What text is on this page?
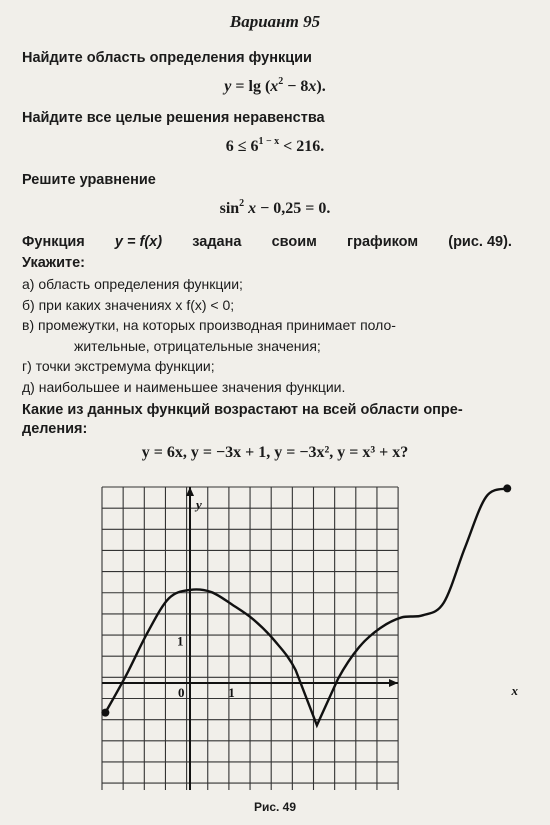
Вариант 95
Найдите область определения функции
$y = \lg (x^2 - 8x)$.
Найдите все целые решения неравенства
$6 \le 6^{1 - x} < 216$.
Решите уравнение
$\sin^2 x - 0,25 = 0$.
Функция y = f(x) задана своим графиком (рис. 49).
Укажите:
а) область определения функции;
б) при каких значениях x f(x) < 0;
в) промежутки, на которых производная принимает поло-
жительные, отрицательные значения;
г) точки экстремума функции;
д) наибольшее и наименьшее значения функции.
Какие из данных функций возрастают на всей области опре-
деления:
y = 6x, y = −3x + 1, y = −3x², y = x³ + x?
x
y
0	1
1
Рис. 49
